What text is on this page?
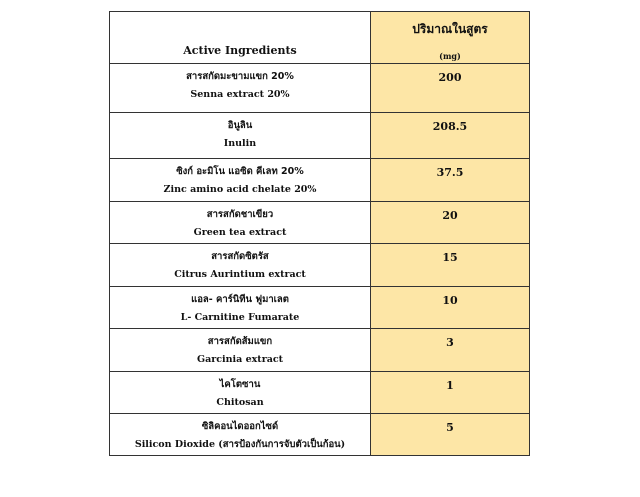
Active Ingredients	ปริมาณในสูตร
(mg)

สารสกัดมะขามแขก 20%
Senna extract 20%	200

อินูลิน
Inulin	208.5

ซิงก์ อะมิโน แอซิด คีเลท 20%
Zinc amino acid chelate 20%	37.5

สารสกัดชาเขียว
Green tea extract	20

สารสกัดซิตรัส
Citrus Aurintium extract	15

แอล- คาร์นิทีน ฟูมาเลต
L- Carnitine Fumarate	10

สารสกัดส้มแขก
Garcinia extract	3

ไคโตซาน
Chitosan	1

ซิลิคอนไดออกไซด์
Silicon Dioxide (สารป้องกันการจับตัวเป็นก้อน)	5
